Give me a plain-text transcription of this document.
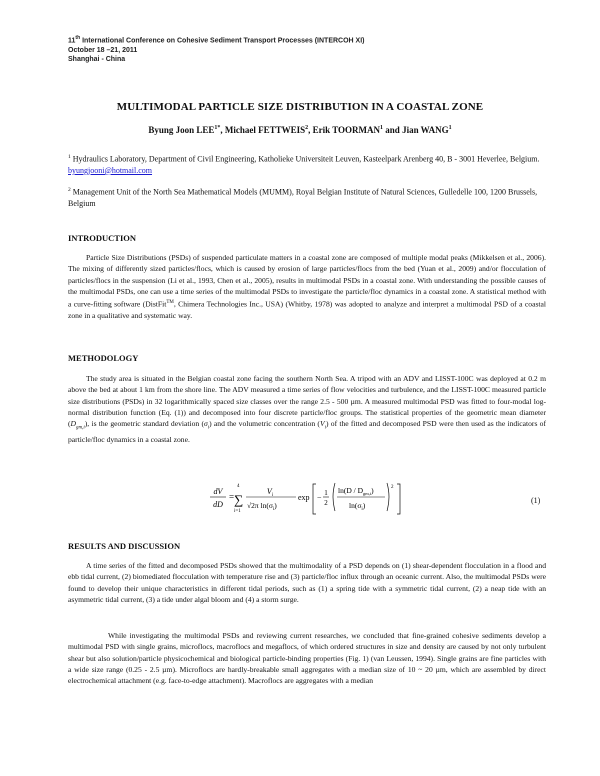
11th International Conference on Cohesive Sediment Transport Processes (INTERCOH XI)
October 18 –21, 2011
Shanghai - China
MULTIMODAL PARTICLE SIZE DISTRIBUTION IN A COASTAL ZONE
Byung Joon $LEE^{1*}$, Michael FETTWEIS$^2$, Erik TOORMAN$^1$ and Jian WANG$^1$
$^1$ Hydraulics Laboratory, Department of Civil Engineering, Katholieke Universiteit Leuven, Kasteelpark Arenberg 40, B - 3001 Heverlee, Belgium. byungjooni@hotmail.com
$^2$ Management Unit of the North Sea Mathematical Models (MUMM), Royal Belgian Institute of Natural Sciences, Gulledelle 100, 1200 Brussels, Belgium
INTRODUCTION
Particle Size Distributions (PSDs) of suspended particulate matters in a coastal zone are composed of multiple modal peaks (Mikkelsen et al., 2006). The mixing of differently sized particles/flocs, which is caused by erosion of large particles/flocs from the bed (Yuan et al., 2009) and/or flocculation of particles/flocs in the suspension (Li et al., 1993, Chen et al., 2005), results in multimodal PSDs in a coastal zone. With understanding the possible causes of the multimodal PSDs, one can use a time series of the multimodal PSDs to investigate the particle/floc dynamics in a coastal zone. A statistical method with a curve-fitting software (DistFit™, Chimera Technologies Inc., USA) (Whitby, 1978) was adopted to analyze and interpret a multimodal PSD of a coastal zone in a qualitative and systematic way.
METHODOLOGY
The study area is situated in the Belgian coastal zone facing the southern North Sea. A tripod with an ADV and LISST-100C was deployed at 0.2 m above the bed at about 1 km from the shore line. The ADV measured a time series of flow velocities and turbulence, and the LISST-100C measured particle size distributions (PSDs) in 32 logarithmically spaced size classes over the range 2.5 - 500 µm. A measured multimodal PSD was fitted to four-modal log-normal distribution function (Eq. (1)) and decomposed into four discrete particle/floc groups. The statistical properties of the geometric mean diameter $(D_{gm,i})$, is the geometric standard deviation $(\sigma_i)$ and the volumetric concentration $(V_i)$ of the fitted and decomposed PSD were then used as the indicators of particle/floc dynamics in a coastal zone.
dV
dD
=
4
∑
i=1
$V_i$
√2π $\ln(\sigma_i)$
exp − 1
2
$\ln(D / D_{gm,i})$
$\ln(\sigma_i)$
2
(1)
RESULTS AND DISCUSSION
A time series of the fitted and decomposed PSDs showed that the multimodality of a PSD depends on (1) shear-dependent flocculation in a flood and ebb tidal current, (2) biomediated flocculation with temperature rise and (3) particle/floc influx through an oceanic current. Also, the multimodal PSDs were found to develop their unique characteristics in different tidal periods, such as (1) a spring tide with a symmetric tidal current, (2) a neap tide with an asymmetric tidal current, (3) a tide under algal bloom and (4) a storm surge.
While investigating the multimodal PSDs and reviewing current researches, we concluded that fine-grained cohesive sediments develop a multimodal PSD with single grains, microflocs, macroflocs and megaflocs, of which ordered structures in size and density are caused by not only turbulent shear but also solution/particle physicochemical and biological particle-binding properties (Fig. 1) (van Leussen, 1994). Single grains are fine particles with a wide size range (0.25 - 2.5 µm). Microflocs are hardly-breakable small aggregates with a median size of 10 ~ 20 µm, which are assembled by direct electrochemical attachment (e.g. face-to-edge attachment). Macroflocs are aggregates with a median
